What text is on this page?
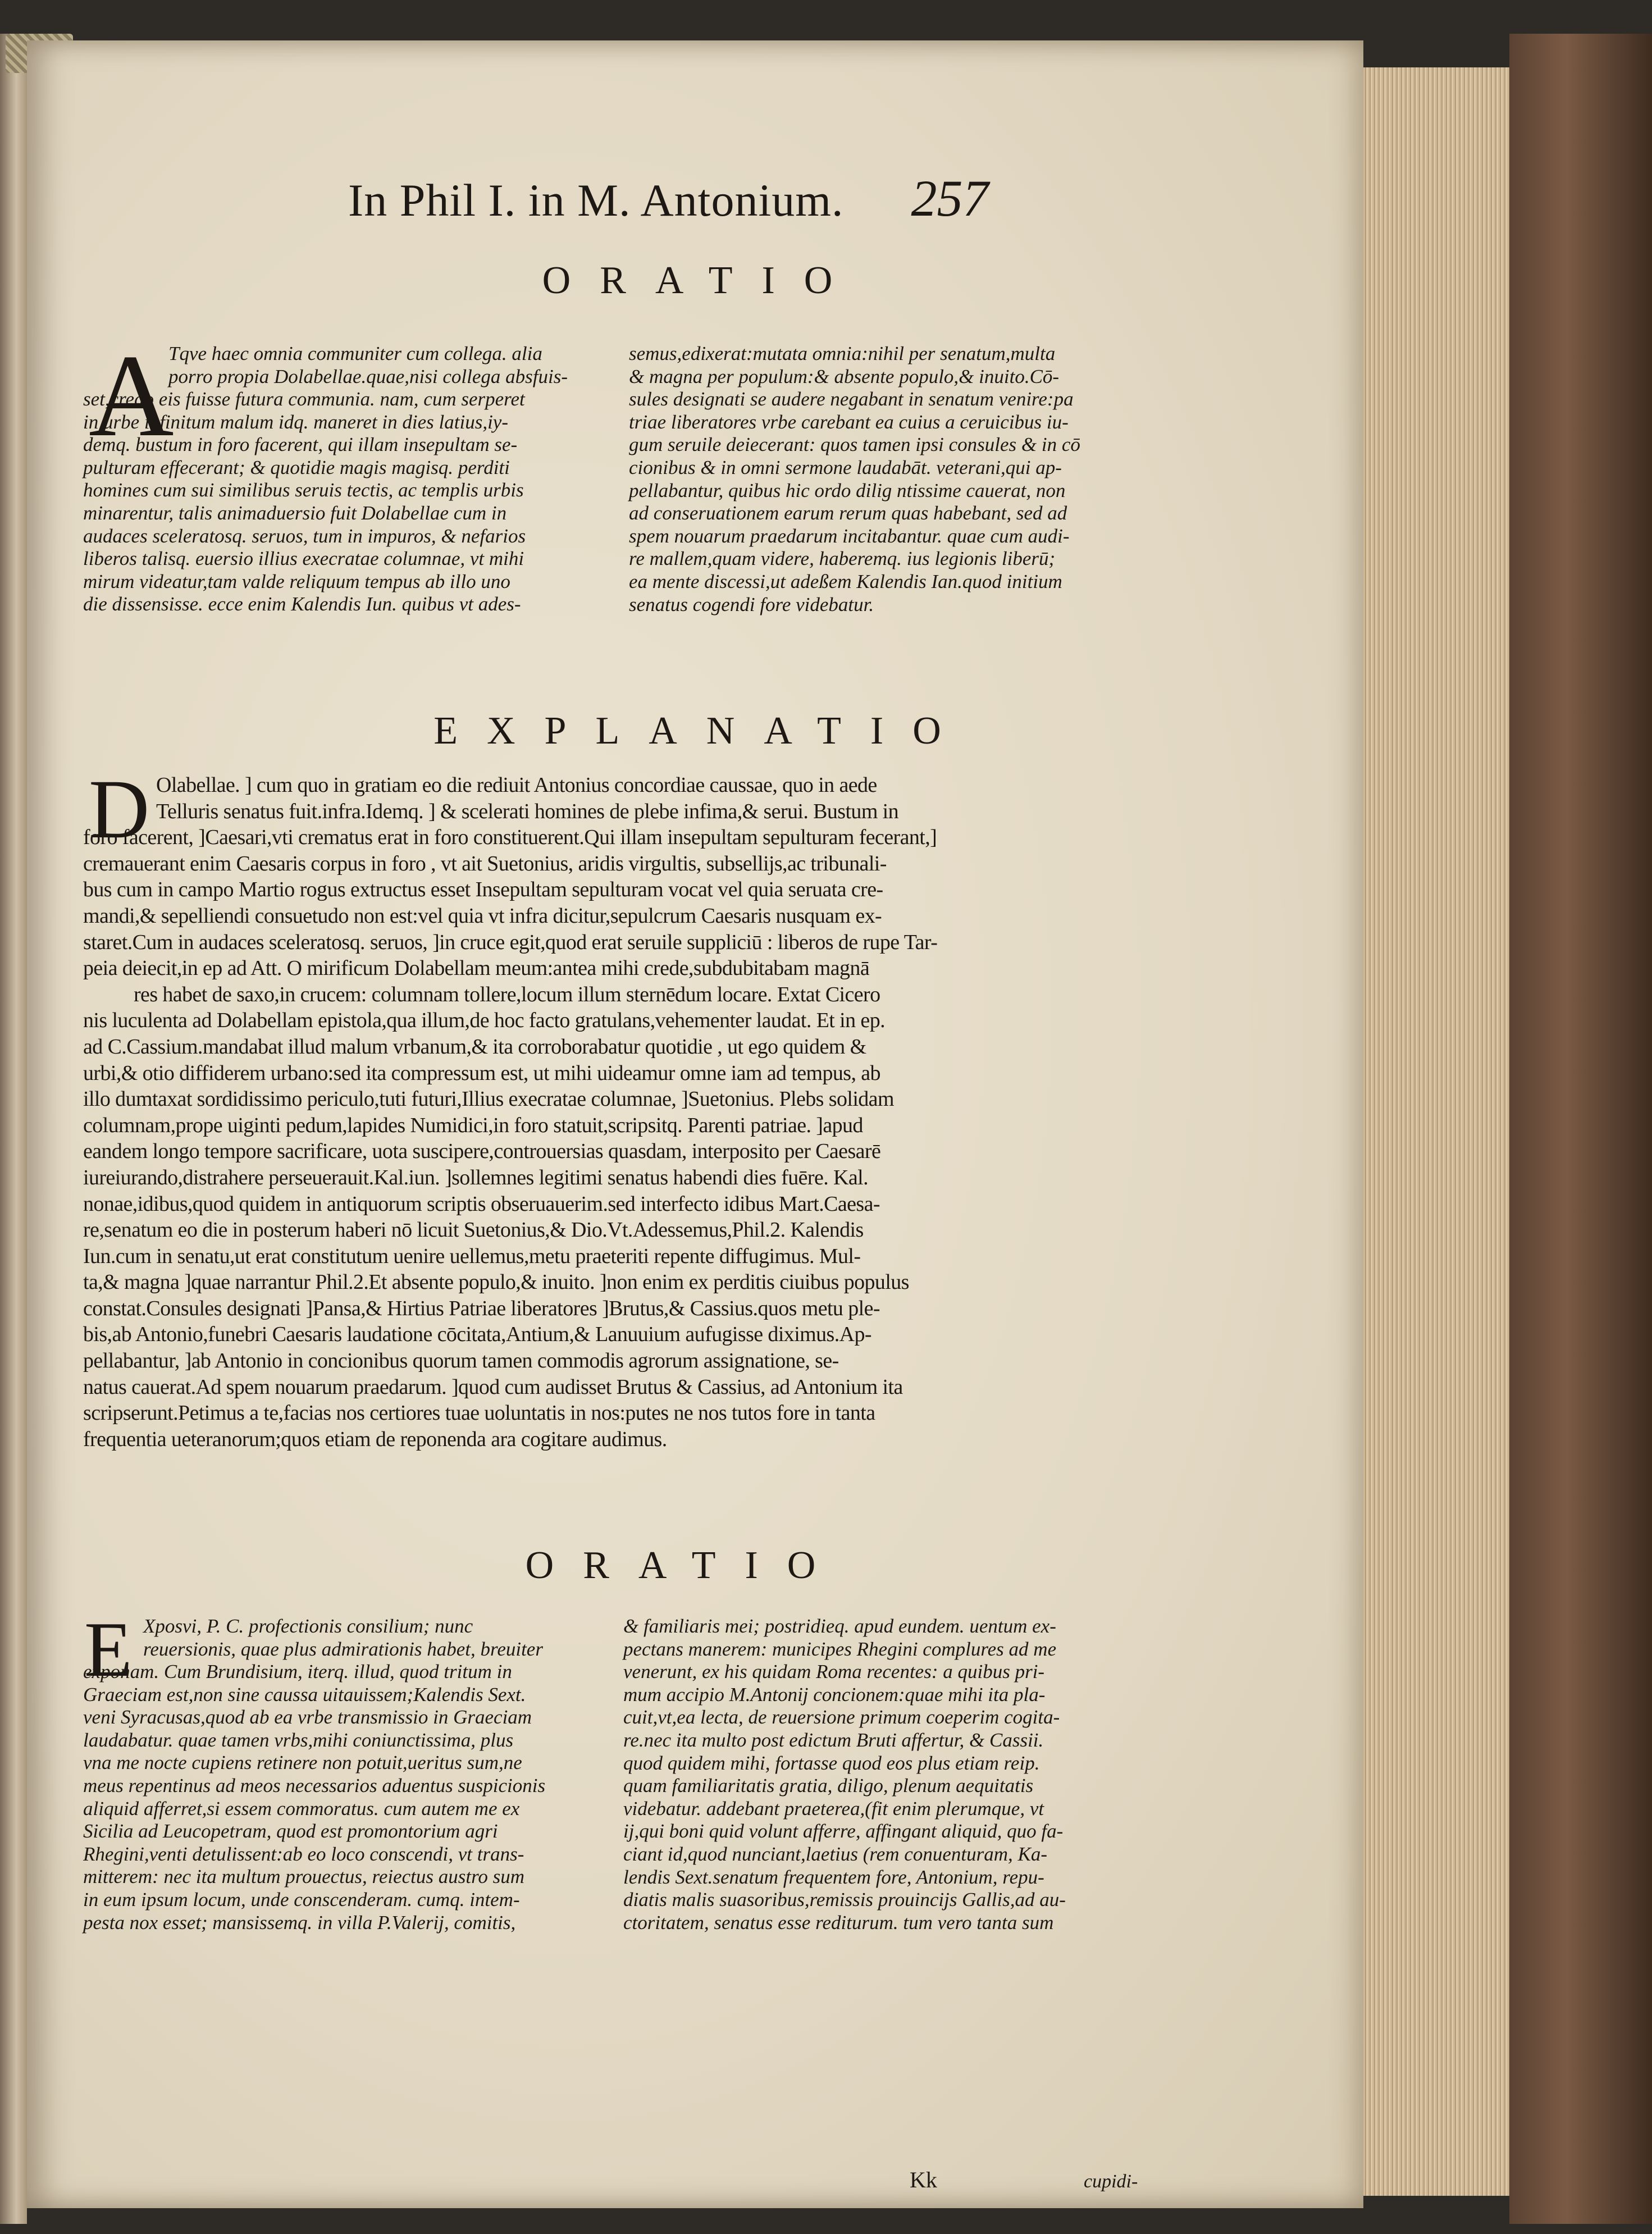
In Phil I. in M. Antonium. 257
ORATIO
A
Tqve haec omnia communiter cum collega. alia
porro propia Dolabellae.quae,nisi collega absfuis-
set,credo eis fuisse futura communia. nam, cum serperet
in urbe infinitum malum idq. maneret in dies latius,iy-
demq. bustum in foro facerent, qui illam insepultam se-
pulturam effecerant; & quotidie magis magisq. perditi
homines cum sui similibus seruis tectis, ac templis urbis
minarentur, talis animaduersio fuit Dolabellae cum in
audaces sceleratosq. seruos, tum in impuros, & nefarios
liberos talisq. euersio illius execratae columnae, vt mihi
mirum videatur,tam valde reliquum tempus ab illo uno
die dissensisse. ecce enim Kalendis Iun. quibus vt ades-
semus,edixerat:mutata omnia:nihil per senatum,multa
& magna per populum:& absente populo,& inuito.Cō-
sules designati se audere negabant in senatum venire:pa
triae liberatores vrbe carebant ea cuius a ceruicibus iu-
gum seruile deiecerant: quos tamen ipsi consules & in cō
cionibus & in omni sermone laudabāt. veterani,qui ap-
pellabantur, quibus hic ordo dilig ntissime cauerat, non
ad conseruationem earum rerum quas habebant, sed ad
spem nouarum praedarum incitabantur. quae cum audi-
re mallem,quam videre, haberemq. ius legionis liberū;
ea mente discessi,ut adeßem Kalendis Ian.quod initium
senatus cogendi fore videbatur.
EXPLANATIO
D Olabellae. ] cum quo in gratiam eo die rediuit Antonius concordiae caussae, quo in aede
Telluris senatus fuit.infra.Idemq. ] & scelerati homines de plebe infima,& serui. Bustum in
foro facerent, ]Caesari,vti crematus erat in foro constituerent.Qui illam insepultam sepulturam fecerant,]
cremauerant enim Caesaris corpus in foro , vt ait Suetonius, aridis virgultis, subsellijs,ac tribunali-
bus cum in campo Martio rogus extructus esset Insepultam sepulturam vocat vel quia seruata cre-
mandi,& sepelliendi consuetudo non est:vel quia vt infra dicitur,sepulcrum Caesaris nusquam ex-
staret.Cum in audaces sceleratosq. seruos, ]in cruce egit,quod erat seruile suppliciū : liberos de rupe Tar-
peia deiecit,in ep ad Att. O mirificum Dolabellam meum:antea mihi crede,subdubitabam magnā
res habet de saxo,in crucem: columnam tollere,locum illum sternēdum locare. Extat Cicero
nis luculenta ad Dolabellam epistola,qua illum,de hoc facto gratulans,vehementer laudat. Et in ep.
ad C.Cassium.mandabat illud malum vrbanum,& ita corroborabatur quotidie , ut ego quidem &
urbi,& otio diffiderem urbano:sed ita compressum est, ut mihi uideamur omne iam ad tempus, ab
illo dumtaxat sordidissimo periculo,tuti futuri,Illius execratae columnae, ]Suetonius. Plebs solidam
columnam,prope uiginti pedum,lapides Numidici,in foro statuit,scripsitq. Parenti patriae. ]apud
eandem longo tempore sacrificare, uota suscipere,controuersias quasdam, interposito per Caesarē
iureiurando,distrahere perseuerauit.Kal.iun. ]sollemnes legitimi senatus habendi dies fuēre. Kal.
nonae,idibus,quod quidem in antiquorum scriptis obseruauerim.sed interfecto idibus Mart.Caesa-
re,senatum eo die in posterum haberi nō licuit Suetonius,& Dio.Vt.Adessemus,Phil.2. Kalendis
Iun.cum in senatu,ut erat constitutum uenire uellemus,metu praeteriti repente diffugimus. Mul-
ta,& magna ]quae narrantur Phil.2.Et absente populo,& inuito. ]non enim ex perditis ciuibus populus
constat.Consules designati ]Pansa,& Hirtius Patriae liberatores ]Brutus,& Cassius.quos metu ple-
bis,ab Antonio,funebri Caesaris laudatione cōcitata,Antium,& Lanuuium aufugisse diximus.Ap-
pellabantur, ]ab Antonio in concionibus quorum tamen commodis agrorum assignatione, se-
natus cauerat.Ad spem nouarum praedarum. ]quod cum audisset Brutus & Cassius, ad Antonium ita
scripserunt.Petimus a te,facias nos certiores tuae uoluntatis in nos:putes ne nos tutos fore in tanta
frequentia ueteranorum;quos etiam de reponenda ara cogitare audimus.
ORATIO
E Xposvi, P. C. profectionis consilium; nunc
reuersionis, quae plus admirationis habet, breuiter
exponam. Cum Brundisium, iterq. illud, quod tritum in
Graeciam est,non sine caussa uitauissem;Kalendis Sext.
veni Syracusas,quod ab ea vrbe transmissio in Graeciam
laudabatur. quae tamen vrbs,mihi coniunctissima, plus
vna me nocte cupiens retinere non potuit,ueritus sum,ne
meus repentinus ad meos necessarios aduentus suspicionis
aliquid afferret,si essem commoratus. cum autem me ex
Sicilia ad Leucopetram, quod est promontorium agri
Rhegini,venti detulissent:ab eo loco conscendi, vt trans-
mitterem: nec ita multum prouectus, reiectus austro sum
in eum ipsum locum, unde conscenderam. cumq. intem-
pesta nox esset; mansissemq. in villa P.Valerij, comitis,
& familiaris mei; postridieq. apud eundem. uentum ex-
pectans manerem: municipes Rhegini complures ad me
venerunt, ex his quidam Roma recentes: a quibus pri-
mum accipio M.Antonij concionem:quae mihi ita pla-
cuit,vt,ea lecta, de reuersione primum coeperim cogita-
re.nec ita multo post edictum Bruti affertur, & Cassii.
quod quidem mihi, fortasse quod eos plus etiam reip.
quam familiaritatis gratia, diligo, plenum aequitatis
videbatur. addebant praeterea,(fit enim plerumque, vt
ij,qui boni quid volunt afferre, affingant aliquid, quo fa-
ciant id,quod nunciant,laetius (rem conuenturam, Ka-
lendis Sext.senatum frequentem fore, Antonium, repu-
diatis malis suasoribus,remissis prouincijs Gallis,ad au-
ctoritatem, senatus esse rediturum. tum vero tanta sum
Kk	cupidi-
